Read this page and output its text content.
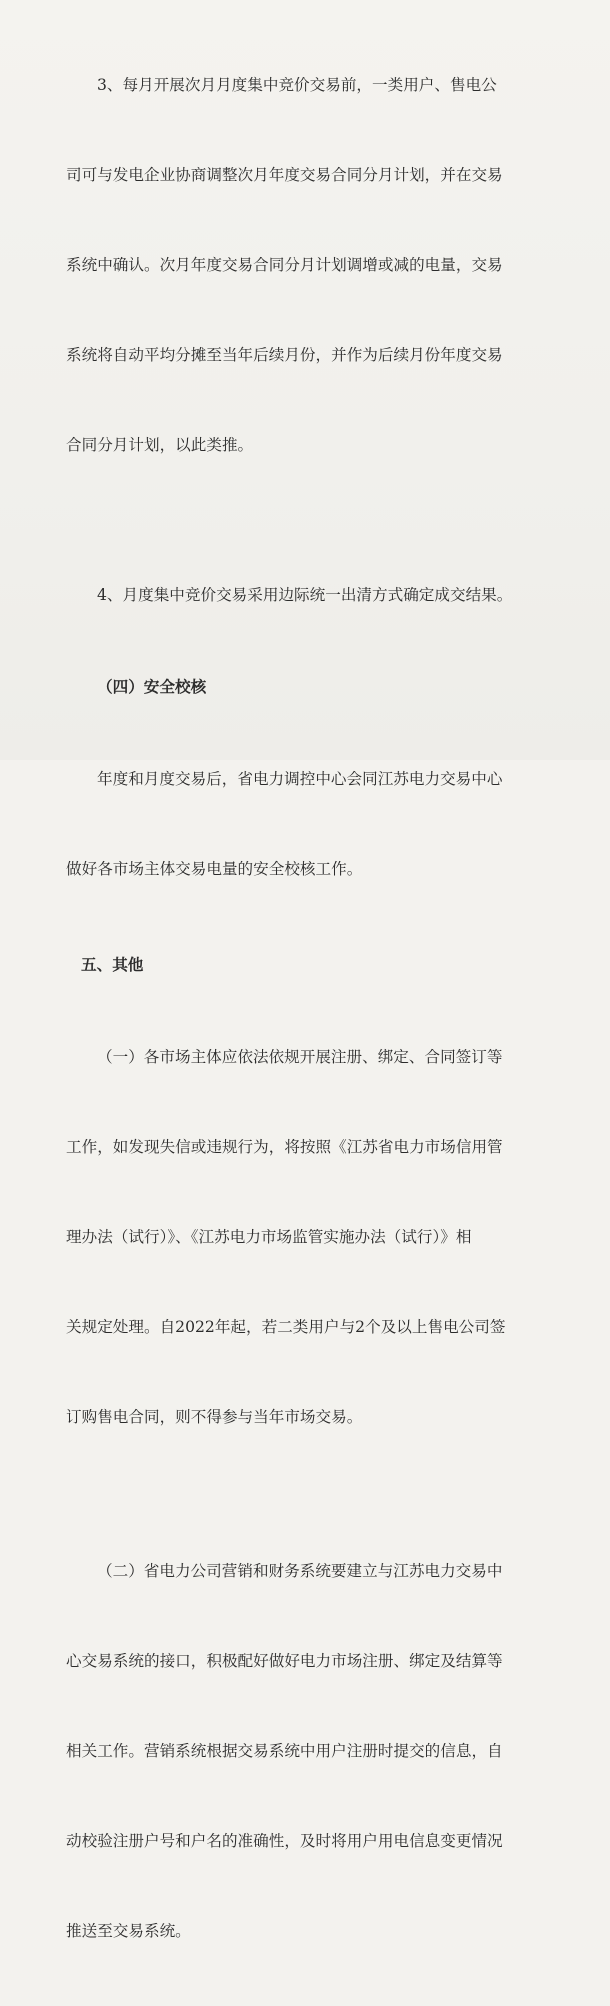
3、每月开展次月月度集中竞价交易前，一类用户、售电公

司可与发电企业协商调整次月年度交易合同分月计划，并在交易

系统中确认。次月年度交易合同分月计划调增或减的电量，交易

系统将自动平均分摊至当年后续月份，并作为后续月份年度交易

合同分月计划，以此类推。

4、月度集中竞价交易采用边际统一出清方式确定成交结果。

（四）安全校核

年度和月度交易后，省电力调控中心会同江苏电力交易中心

做好各市场主体交易电量的安全校核工作。

五、其他

（一）各市场主体应依法依规开展注册、绑定、合同签订等

工作，如发现失信或违规行为，将按照《江苏省电力市场信用管

理办法（试行）》、《江苏电力市场监管实施办法（试行）》相

关规定处理。自2022年起，若二类用户与2个及以上售电公司签

订购售电合同，则不得参与当年市场交易。

（二）省电力公司营销和财务系统要建立与江苏电力交易中

心交易系统的接口，积极配好做好电力市场注册、绑定及结算等

相关工作。营销系统根据交易系统中用户注册时提交的信息，自

动校验注册户号和户名的准确性，及时将用户用电信息变更情况

推送至交易系统。
